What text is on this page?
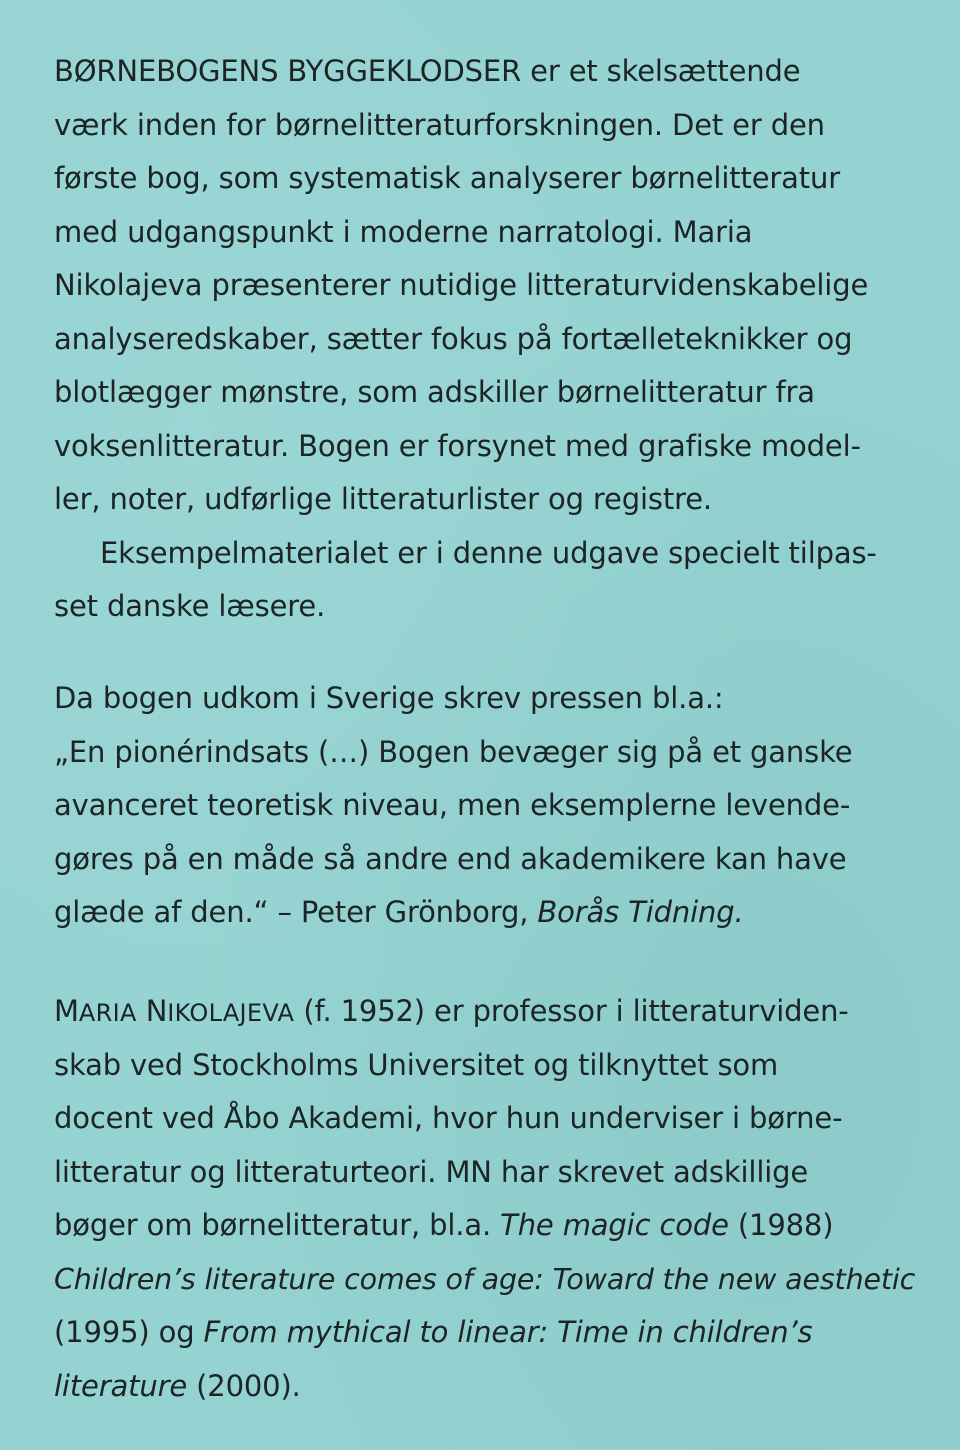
BØRNEBOGENS BYGGEKLODSER er et skelsættende
værk inden for børnelitteraturforskningen. Det er den
første bog, som systematisk analyserer børnelitteratur
med udgangspunkt i moderne narratologi. Maria
Nikolajeva præsenterer nutidige litteraturvidenskabelige
analyseredskaber, sætter fokus på fortælleteknikker og
blotlægger mønstre, som adskiller børnelitteratur fra
voksenlitteratur. Bogen er forsynet med grafiske model-
ler, noter, udførlige litteraturlister og registre.
Eksempelmaterialet er i denne udgave specielt tilpas-
set danske læsere.
Da bogen udkom i Sverige skrev pressen bl.a.:
„En pionérindsats (…) Bogen bevæger sig på et ganske
avanceret teoretisk niveau, men eksemplerne levende-
gøres på en måde så andre end akademikere kan have
glæde af den.“ – Peter Grönborg, Borås Tidning.
MARIA NIKOLAJEVA (f. 1952) er professor i litteraturviden-
skab ved Stockholms Universitet og tilknyttet som
docent ved Åbo Akademi, hvor hun underviser i børne-
litteratur og litteraturteori. MN har skrevet adskillige
bøger om børnelitteratur, bl.a. The magic code (1988)
Children’s literature comes of age: Toward the new aesthetic
(1995) og From mythical to linear: Time in children’s
literature (2000).
